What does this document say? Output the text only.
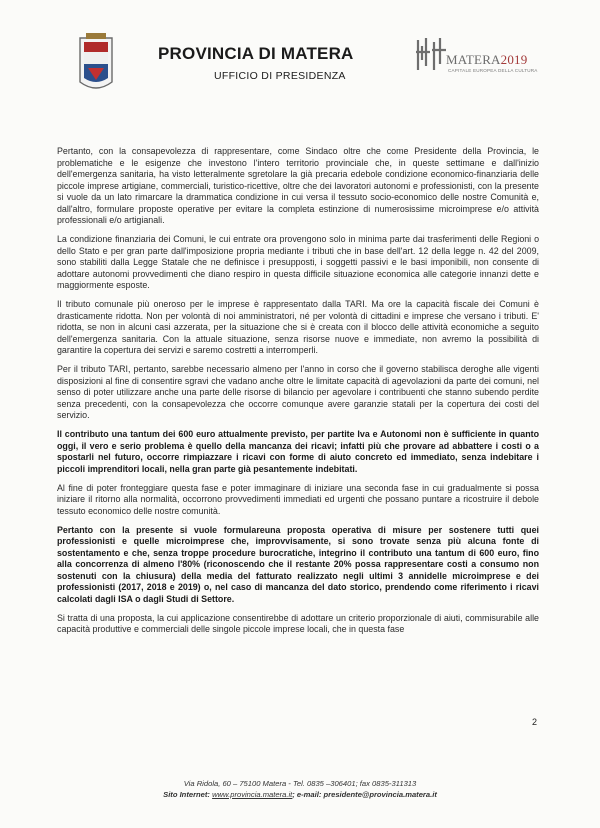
PROVINCIA DI MATERA
UFFICIO DI PRESIDENZA
MATERA2019
CAPITALE EUROPEA DELLA CULTURA

Pertanto, con la consapevolezza di rappresentare, come Sindaco oltre che come Presidente della Provincia, le problematiche e le esigenze che investono l'intero territorio provinciale che, in queste settimane e dall'inizio dell'emergenza sanitaria, ha visto letteralmente sgretolare la già precaria edebole condizione economico-finanziaria delle piccole imprese artigiane, commerciali, turistico-ricettive, oltre che dei lavoratori autonomi e professionisti, con la presente si vuole da un lato rimarcare la drammatica condizione in cui versa il tessuto socio-economico delle nostre Comunità e, dall'altro, formulare proposte operative per evitare la completa estinzione di numerosissime microimprese e/o attività professionali e/o artigianali.

La condizione finanziaria dei Comuni, le cui entrate ora provengono solo in minima parte dai trasferimenti delle Regioni o dello Stato e per gran parte dall'imposizione propria mediante i tributi che in base dell'art. 12 della legge n. 42 del 2009, sono stabiliti dalla Legge Statale che ne definisce i presupposti, i soggetti passivi e le basi imponibili, non consente di adottare autonomi provvedimenti che diano respiro in questa difficile situazione economica alle categorie innanzi dette e maggiormente esposte.

Il tributo comunale più oneroso per le imprese è rappresentato dalla TARI. Ma ore la capacità fiscale dei Comuni è drasticamente ridotta. Non per volontà di noi amministratori, né per volontà di cittadini e imprese che versano i tributi. E' ridotta, se non in alcuni casi azzerata, per la situazione che si è creata con il blocco delle attività economiche a seguito dell'emergenza sanitaria. Con la attuale situazione, senza risorse nuove e immediate, non avremo la possibilità di garantire la copertura dei servizi e saremo costretti a interromperli.

Per il tributo TARI, pertanto, sarebbe necessario almeno per l'anno in corso che il governo stabilisca deroghe alle vigenti disposizioni al fine di consentire sgravi che vadano anche oltre le limitate capacità di agevolazioni da parte dei comuni, nel senso di poter utilizzare anche una parte delle risorse di bilancio per agevolare i contribuenti che stanno subendo perdite senza precedenti, con la consapevolezza che occorre comunque avere garanzie statali per la copertura dei costi del servizio.

Il contributo una tantum dei 600 euro attualmente previsto, per partite Iva e Autonomi non è sufficiente in quanto oggi, il vero e serio problema è quello della mancanza dei ricavi; infatti più che provare ad abbattere i costi o a spostarli nel futuro, occorre rimpiazzare i ricavi con forme di aiuto concreto ed immediato, senza indebitare i piccoli imprenditori locali, nella gran parte già pesantemente indebitati.

Al fine di poter fronteggiare questa fase e poter immaginare di iniziare una seconda fase in cui gradualmente si possa iniziare il ritorno alla normalità, occorrono provvedimenti immediati ed urgenti che possano puntare a ricostruire il debole tessuto economico delle nostre comunità.

Pertanto con la presente si vuole formulareuna proposta operativa di misure per sostenere tutti quei professionisti e quelle microimprese che, improvvisamente, si sono trovate senza più alcuna fonte di sostentamento e che, senza troppe procedure burocratiche, integrino il contributo una tantum di 600 euro, fino alla concorrenza di almeno l'80% (riconoscendo che il restante 20% possa rappresentare costi a consumo non sostenuti con la chiusura) della media del fatturato realizzato negli ultimi 3 annidelle microimprese e dei professionisti (2017, 2018 e 2019) o, nel caso di mancanza del dato storico, prendendo come riferimento i ricavi calcolati dagli ISA o dagli Studi di Settore.

Si tratta di una proposta, la cui applicazione consentirebbe di adottare un criterio proporzionale di aiuti, commisurabile alle capacità produttive e commerciali delle singole piccole imprese locali, che in questa fase

2
Via Ridola, 60 – 75100 Matera - Tel. 0835 –306401; fax 0835-311313
Sito Internet: www.provincia.matera.it; e-mail: presidente@provincia.matera.it
